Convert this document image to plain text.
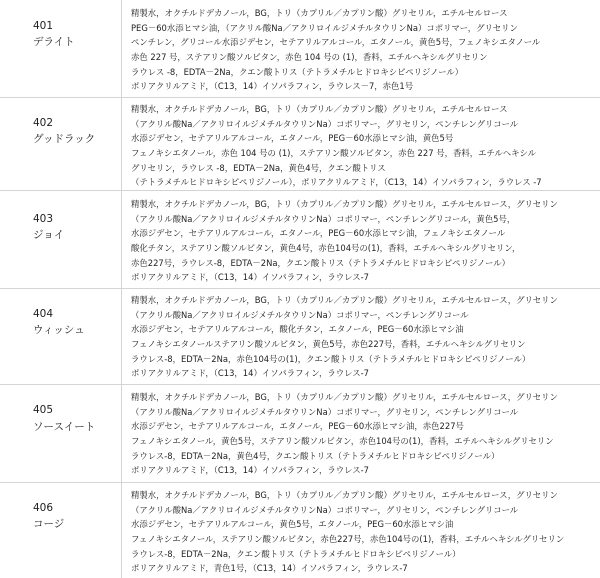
401
デライト
精製水，オクチルドデカノール，BG，トリ（カプリル／カプリン酸）グリセリル，エチルセルロース
PEG－60水添ヒマシ油，（アクリル酸Na／アクリロイルジメチルタウリンNa）コポリマー，グリセリン
ペンチレン，グリコール水添ジデセン，セテアリルアルコール，エタノール，黄色5号，フェノキシエタノール
赤色 227 号，ステアリン酸ソルビタン，赤色 104 号の (1)，香料，エチルヘキシルグリセリン
ラウレス -8，EDTA－2Na，クエン酸トリス（テトラメチルヒドロキシピペリジノール）
ポリアクリルアミド，（C13，14）イソパラフィン，ラウレス－7，赤色1号
402
グッドラック
精製水，オクチルドデカノール，BG，トリ（カプリル／カプリン酸）グリセリル，エチルセルロース
（アクリル酸Na／アクリロイルジメチルタウリンNa）コポリマー，グリセリン，ペンチレングリコール
水添ジデセン，セテアリルアルコール，エタノール，PEG－60水添ヒマシ油，黄色5号
フェノキシエタノール，赤色 104 号の (1)，ステアリン酸ソルビタン，赤色 227 号，香料，エチルヘキシル
グリセリン，ラウレス -8，EDTA－2Na，黄色4号，クエン酸トリス
（テトラメチルヒドロキシピペリジノール），ポリアクリルアミド，（C13，14）イソパラフィン，ラウレス -7
403
ジョイ
精製水，オクチルドデカノール，BG，トリ（カプリル／カプリン酸）グリセリル，エチルセルロース，グリセリン
（アクリル酸Na／アクリロイルジメチルタウリンNa）コポリマー，ペンチレングリコール，黄色5号，
水添ジデセン，セテアリルアルコール，エタノール，PEG－60水添ヒマシ油，フェノキシエタノール
酸化チタン，ステアリン酸ソルビタン，黄色4号，赤色104号の(1)，香料，エチルヘキシルグリセリン，
赤色227号，ラウレス-8，EDTA－2Na，クエン酸トリス（テトラメチルヒドロキシピペリジノール）
ポリアクリルアミド，（C13，14）イソパラフィン，ラウレス-7
404
ウィッシュ
精製水，オクチルドデカノール，BG，トリ（カプリル／カプリン酸）グリセリル，エチルセルロース，グリセリン
（アクリル酸Na／アクリロイルジメチルタウリンNa）コポリマー，ペンチレングリコール
水添ジデセン，セテアリルアルコール，酸化チタン，エタノール，PEG－60水添ヒマシ油
フェノキシエタノールステアリン酸ソルビタン，黄色5号，赤色227号，香料，エチルヘキシルグリセリン
ラウレス-8，EDTA－2Na，赤色104号の(1)，クエン酸トリス（テトラメチルヒドロキシピペリジノール）
ポリアクリルアミド，（C13，14）イソパラフィン，ラウレス-7
405
ソースイート
精製水，オクチルドデカノール，BG，トリ（カプリル／カプリン酸）グリセリル，エチルセルロース，グリセリン
（アクリル酸Na／アクリロイルジメチルタウリンNa）コポリマー，グリセリン，ペンチレングリコール
水添ジデセン，セテアリルアルコール，エタノール，PEG－60水添ヒマシ油，赤色227号
フェノキシエタノール，黄色5号，ステアリン酸ソルビタン，赤色104号の(1)，香料，エチルヘキシルグリセリン
ラウレス-8，EDTA－2Na，黄色4号，クエン酸トリス（テトラメチルヒドロキシピペリジノール）
ポリアクリルアミド，（C13，14）イソパラフィン，ラウレス-7
406
コージ
精製水，オクチルドデカノール，BG，トリ（カプリル／カプリン酸）グリセリル，エチルセルロース，グリセリン
（アクリル酸Na／アクリロイルジメチルタウリンNa）コポリマー，グリセリン，ペンチレングリコール
水添ジデセン，セテアリルアルコール，黄色5号，エタノール，PEG－60水添ヒマシ油
フェノキシエタノール，ステアリン酸ソルビタン，赤色227号，赤色104号の(1)，香料，エチルヘキシルグリセリン
ラウレス-8，EDTA－2Na，クエン酸トリス（テトラメチルヒドロキシピペリジノール）
ポリアクリルアミド，青色1号，（C13，14）イソパラフィン，ラウレス-7
